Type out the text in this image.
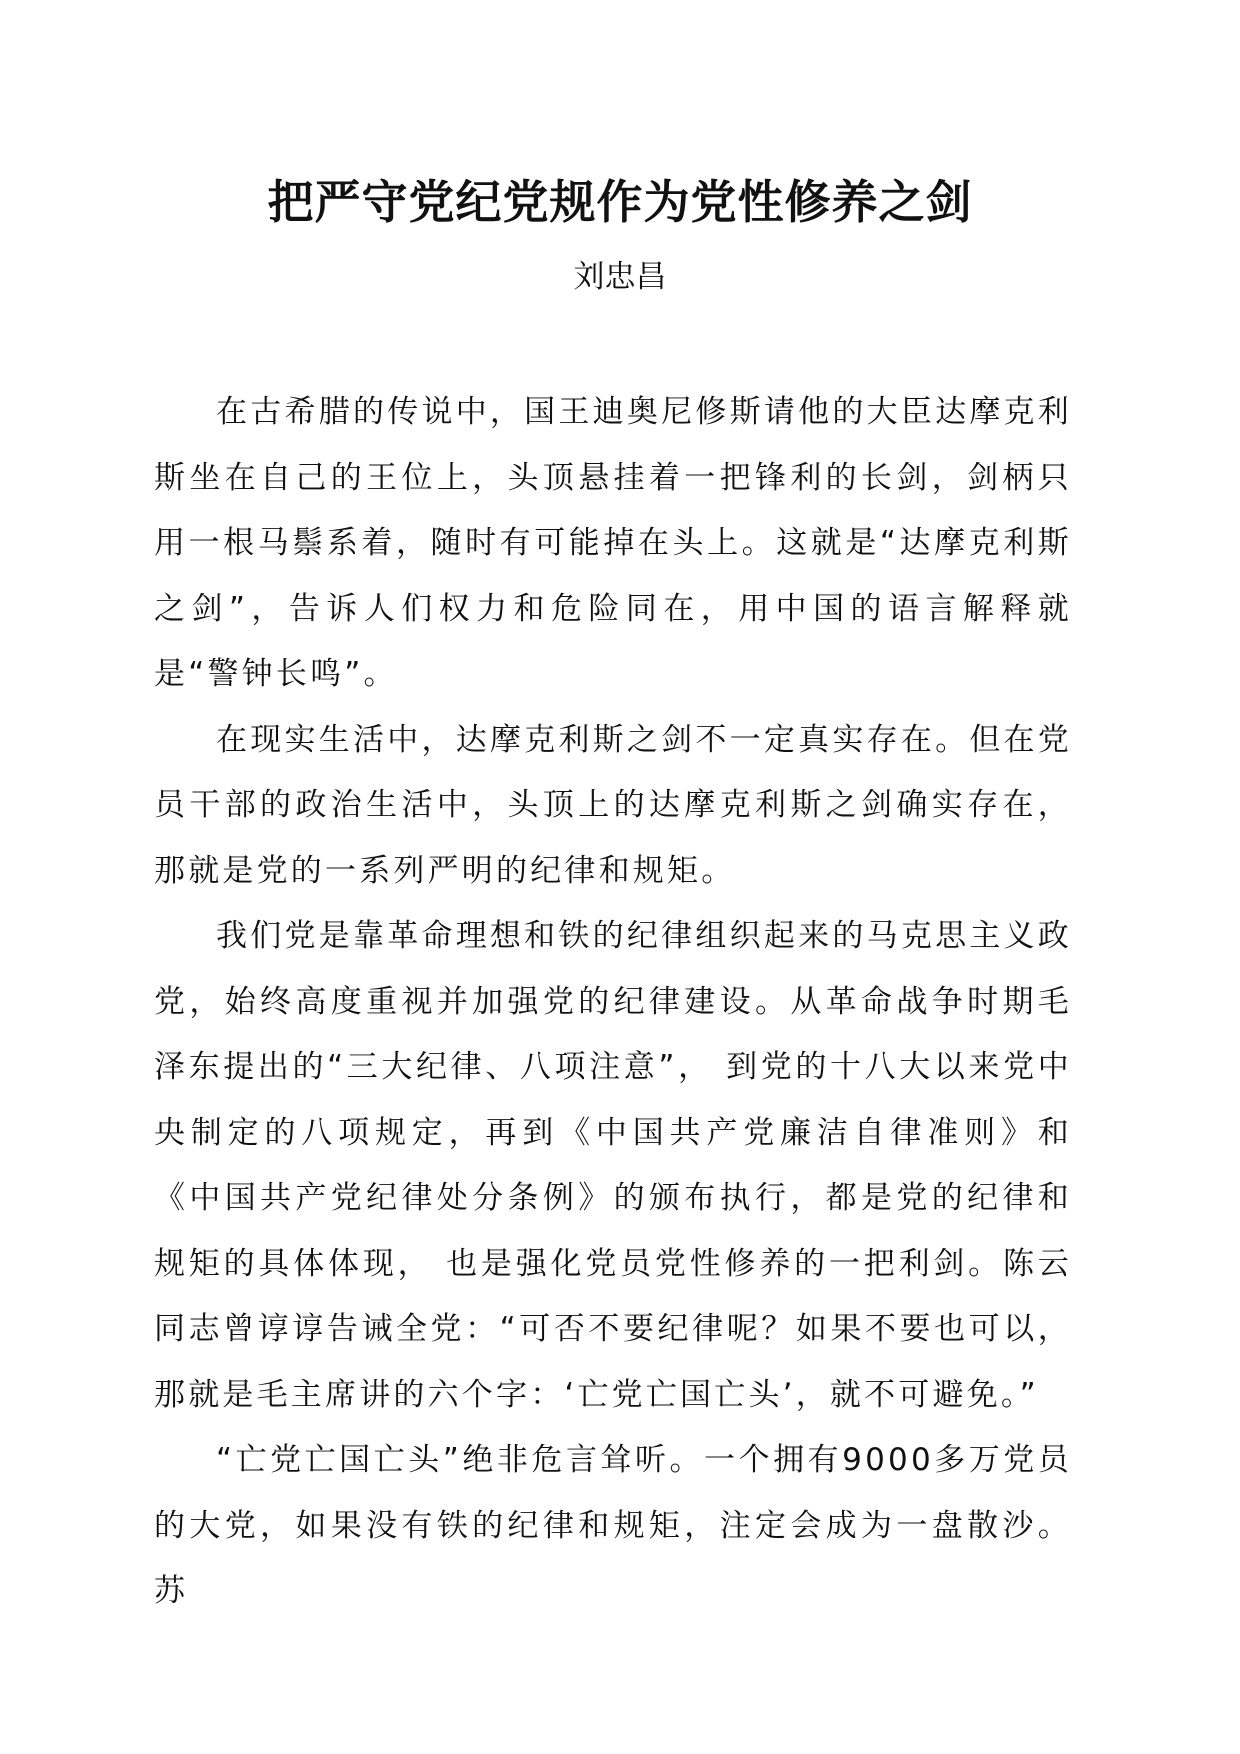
把严守党纪党规作为党性修养之剑
刘忠昌

在古希腊的传说中，国王迪奥尼修斯请他的大臣达摩克利斯坐在自己的王位上，头顶悬挂着一把锋利的长剑，剑柄只用一根马鬃系着，随时有可能掉在头上。这就是“达摩克利斯之剑”，告诉人们权力和危险同在，用中国的语言解释就是“警钟长鸣”。

在现实生活中，达摩克利斯之剑不一定真实存在。但在党员干部的政治生活中，头顶上的达摩克利斯之剑确实存在，那就是党的一系列严明的纪律和规矩。

我们党是靠革命理想和铁的纪律组织起来的马克思主义政党，始终高度重视并加强党的纪律建设。从革命战争时期毛泽东提出的“三大纪律、八项注意”， 到党的十八大以来党中央制定的八项规定，再到《中国共产党廉洁自律准则》和《中国共产党纪律处分条例》的颁布执行，都是党的纪律和规矩的具体体现， 也是强化党员党性修养的一把利剑。陈云同志曾谆谆告诫全党：“可否不要纪律呢？如果不要也可以，那就是毛主席讲的六个字：‘亡党亡国亡头’，就不可避免。”

“亡党亡国亡头”绝非危言耸听。一个拥有9000多万党员的大党，如果没有铁的纪律和规矩，注定会成为一盘散沙。苏
